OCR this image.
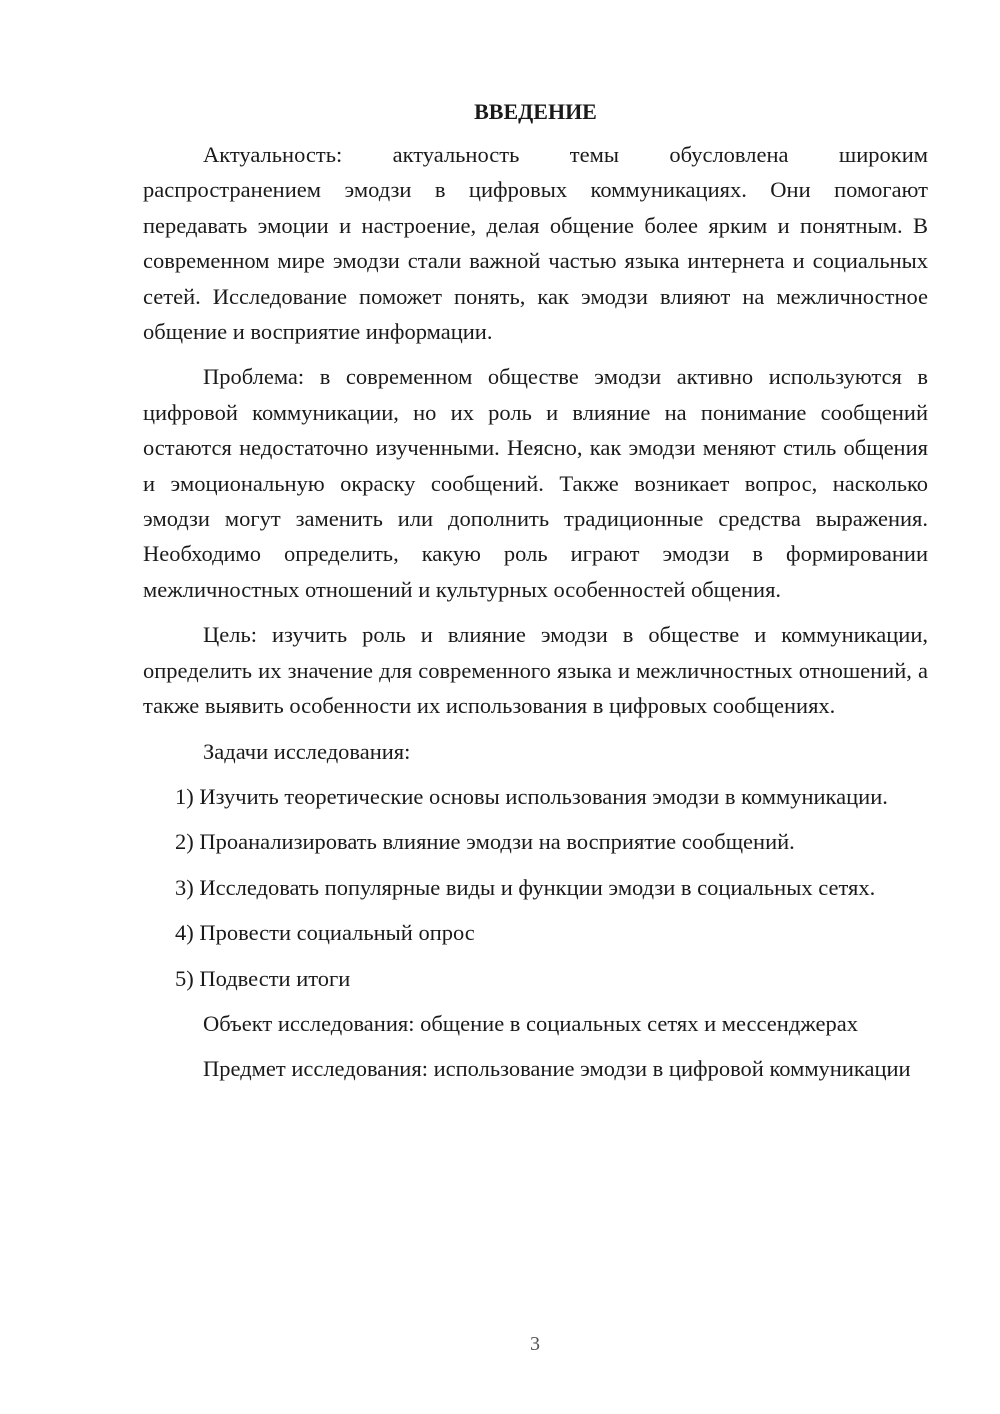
ВВЕДЕНИЕ

Актуальность: актуальность темы обусловлена широким распространением эмодзи в цифровых коммуникациях. Они помогают передавать эмоции и настроение, делая общение более ярким и понятным. В современном мире эмодзи стали важной частью языка интернета и социальных сетей. Исследование поможет понять, как эмодзи влияют на межличностное общение и восприятие информации.

Проблема: в современном обществе эмодзи активно используются в цифровой коммуникации, но их роль и влияние на понимание сообщений остаются недостаточно изученными. Неясно, как эмодзи меняют стиль общения и эмоциональную окраску сообщений. Также возникает вопрос, насколько эмодзи могут заменить или дополнить традиционные средства выражения. Необходимо определить, какую роль играют эмодзи в формировании межличностных отношений и культурных особенностей общения.

Цель: изучить роль и влияние эмодзи в обществе и коммуникации, определить их значение для современного языка и межличностных отношений, а также выявить особенности их использования в цифровых сообщениях.

Задачи исследования:

1) Изучить теоретические основы использования эмодзи в коммуникации.

2) Проанализировать влияние эмодзи на восприятие сообщений.

3) Исследовать популярные виды и функции эмодзи в социальных сетях.

4) Провести социальный опрос

5) Подвести итоги

Объект исследования: общение в социальных сетях и мессенджерах

Предмет исследования: использование эмодзи в цифровой коммуникации

3
